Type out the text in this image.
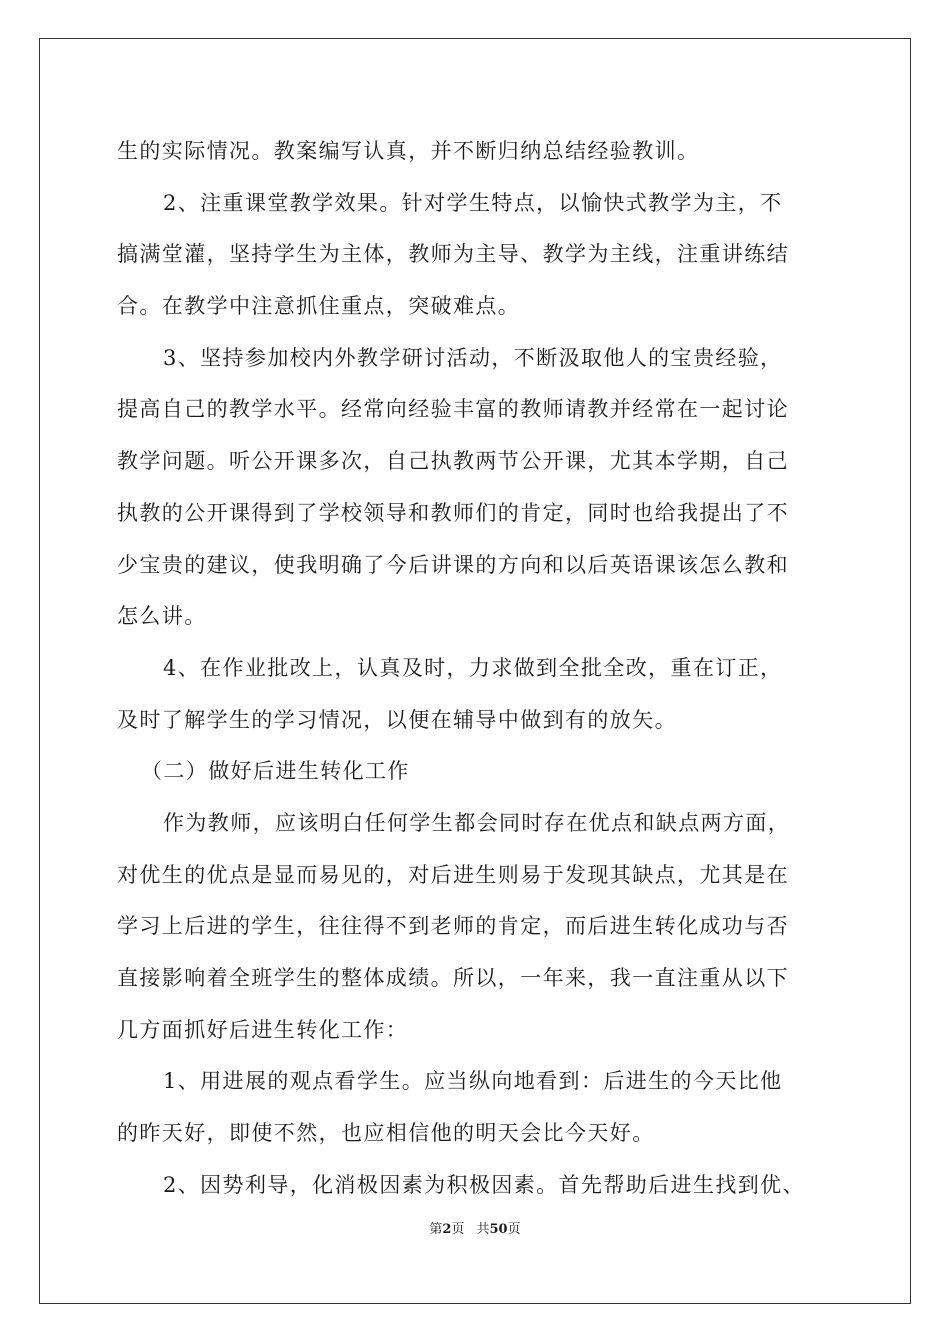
生的实际情况。教案编写认真，并不断归纳总结经验教训。
2、注重课堂教学效果。针对学生特点，以愉快式教学为主，不
搞满堂灌，坚持学生为主体，教师为主导、教学为主线，注重讲练结
合。在教学中注意抓住重点，突破难点。
3、坚持参加校内外教学研讨活动，不断汲取他人的宝贵经验，
提高自己的教学水平。经常向经验丰富的教师请教并经常在一起讨论
教学问题。听公开课多次，自己执教两节公开课，尤其本学期，自己
执教的公开课得到了学校领导和教师们的肯定，同时也给我提出了不
少宝贵的建议，使我明确了今后讲课的方向和以后英语课该怎么教和
怎么讲。
4、在作业批改上，认真及时，力求做到全批全改，重在订正，
及时了解学生的学习情况，以便在辅导中做到有的放矢。
（二）做好后进生转化工作
作为教师，应该明白任何学生都会同时存在优点和缺点两方面，
对优生的优点是显而易见的，对后进生则易于发现其缺点，尤其是在
学习上后进的学生，往往得不到老师的肯定，而后进生转化成功与否
直接影响着全班学生的整体成绩。所以，一年来，我一直注重从以下
几方面抓好后进生转化工作：
1、用进展的观点看学生。应当纵向地看到：后进生的今天比他
的昨天好，即使不然，也应相信他的明天会比今天好。
2、因势利导，化消极因素为积极因素。首先帮助后进生找到优、
第2页 共50页
